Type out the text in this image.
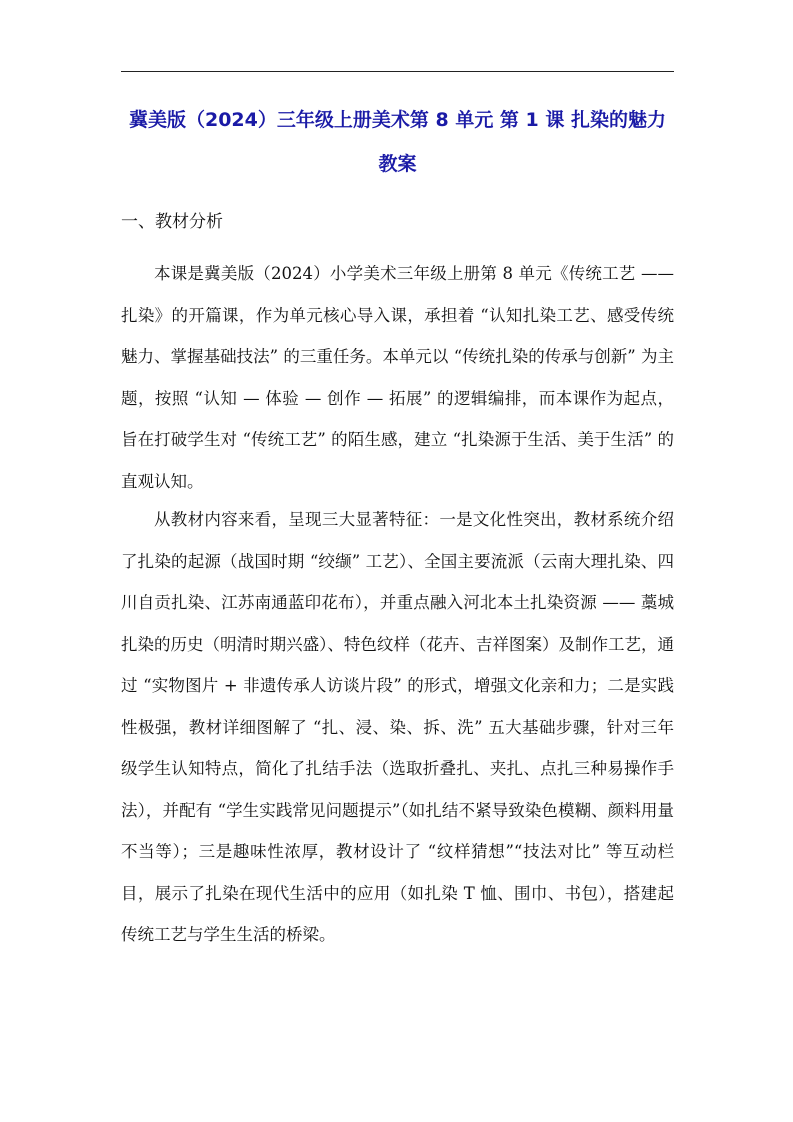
冀美版（2024）三年级上册美术第 8 单元 第 1 课 扎染的魅力 教案
一、教材分析

本课是冀美版（2024）小学美术三年级上册第 8 单元《传统工艺 —— 扎染》的开篇课，作为单元核心导入课，承担着 “认知扎染工艺、感受传统魅力、掌握基础技法” 的三重任务。本单元以 “传统扎染的传承与创新” 为主题，按照 “认知 — 体验 — 创作 — 拓展” 的逻辑编排，而本课作为起点，旨在打破学生对 “传统工艺” 的陌生感，建立 “扎染源于生活、美于生活” 的直观认知。

从教材内容来看，呈现三大显著特征：一是文化性突出，教材系统介绍了扎染的起源（战国时期 “绞缬” 工艺）、全国主要流派（云南大理扎染、四川自贡扎染、江苏南通蓝印花布），并重点融入河北本土扎染资源 —— 藁城扎染的历史（明清时期兴盛）、特色纹样（花卉、吉祥图案）及制作工艺，通过 “实物图片 + 非遗传承人访谈片段” 的形式，增强文化亲和力；二是实践性极强，教材详细图解了 “扎、浸、染、拆、洗” 五大基础步骤，针对三年级学生认知特点，简化了扎结手法（选取折叠扎、夹扎、点扎三种易操作手法），并配有 “学生实践常见问题提示”（如扎结不紧导致染色模糊、颜料用量不当等）；三是趣味性浓厚，教材设计了 “纹样猜想”“技法对比” 等互动栏目，展示了扎染在现代生活中的应用（如扎染 T 恤、围巾、书包），搭建起传统工艺与学生生活的桥梁。
